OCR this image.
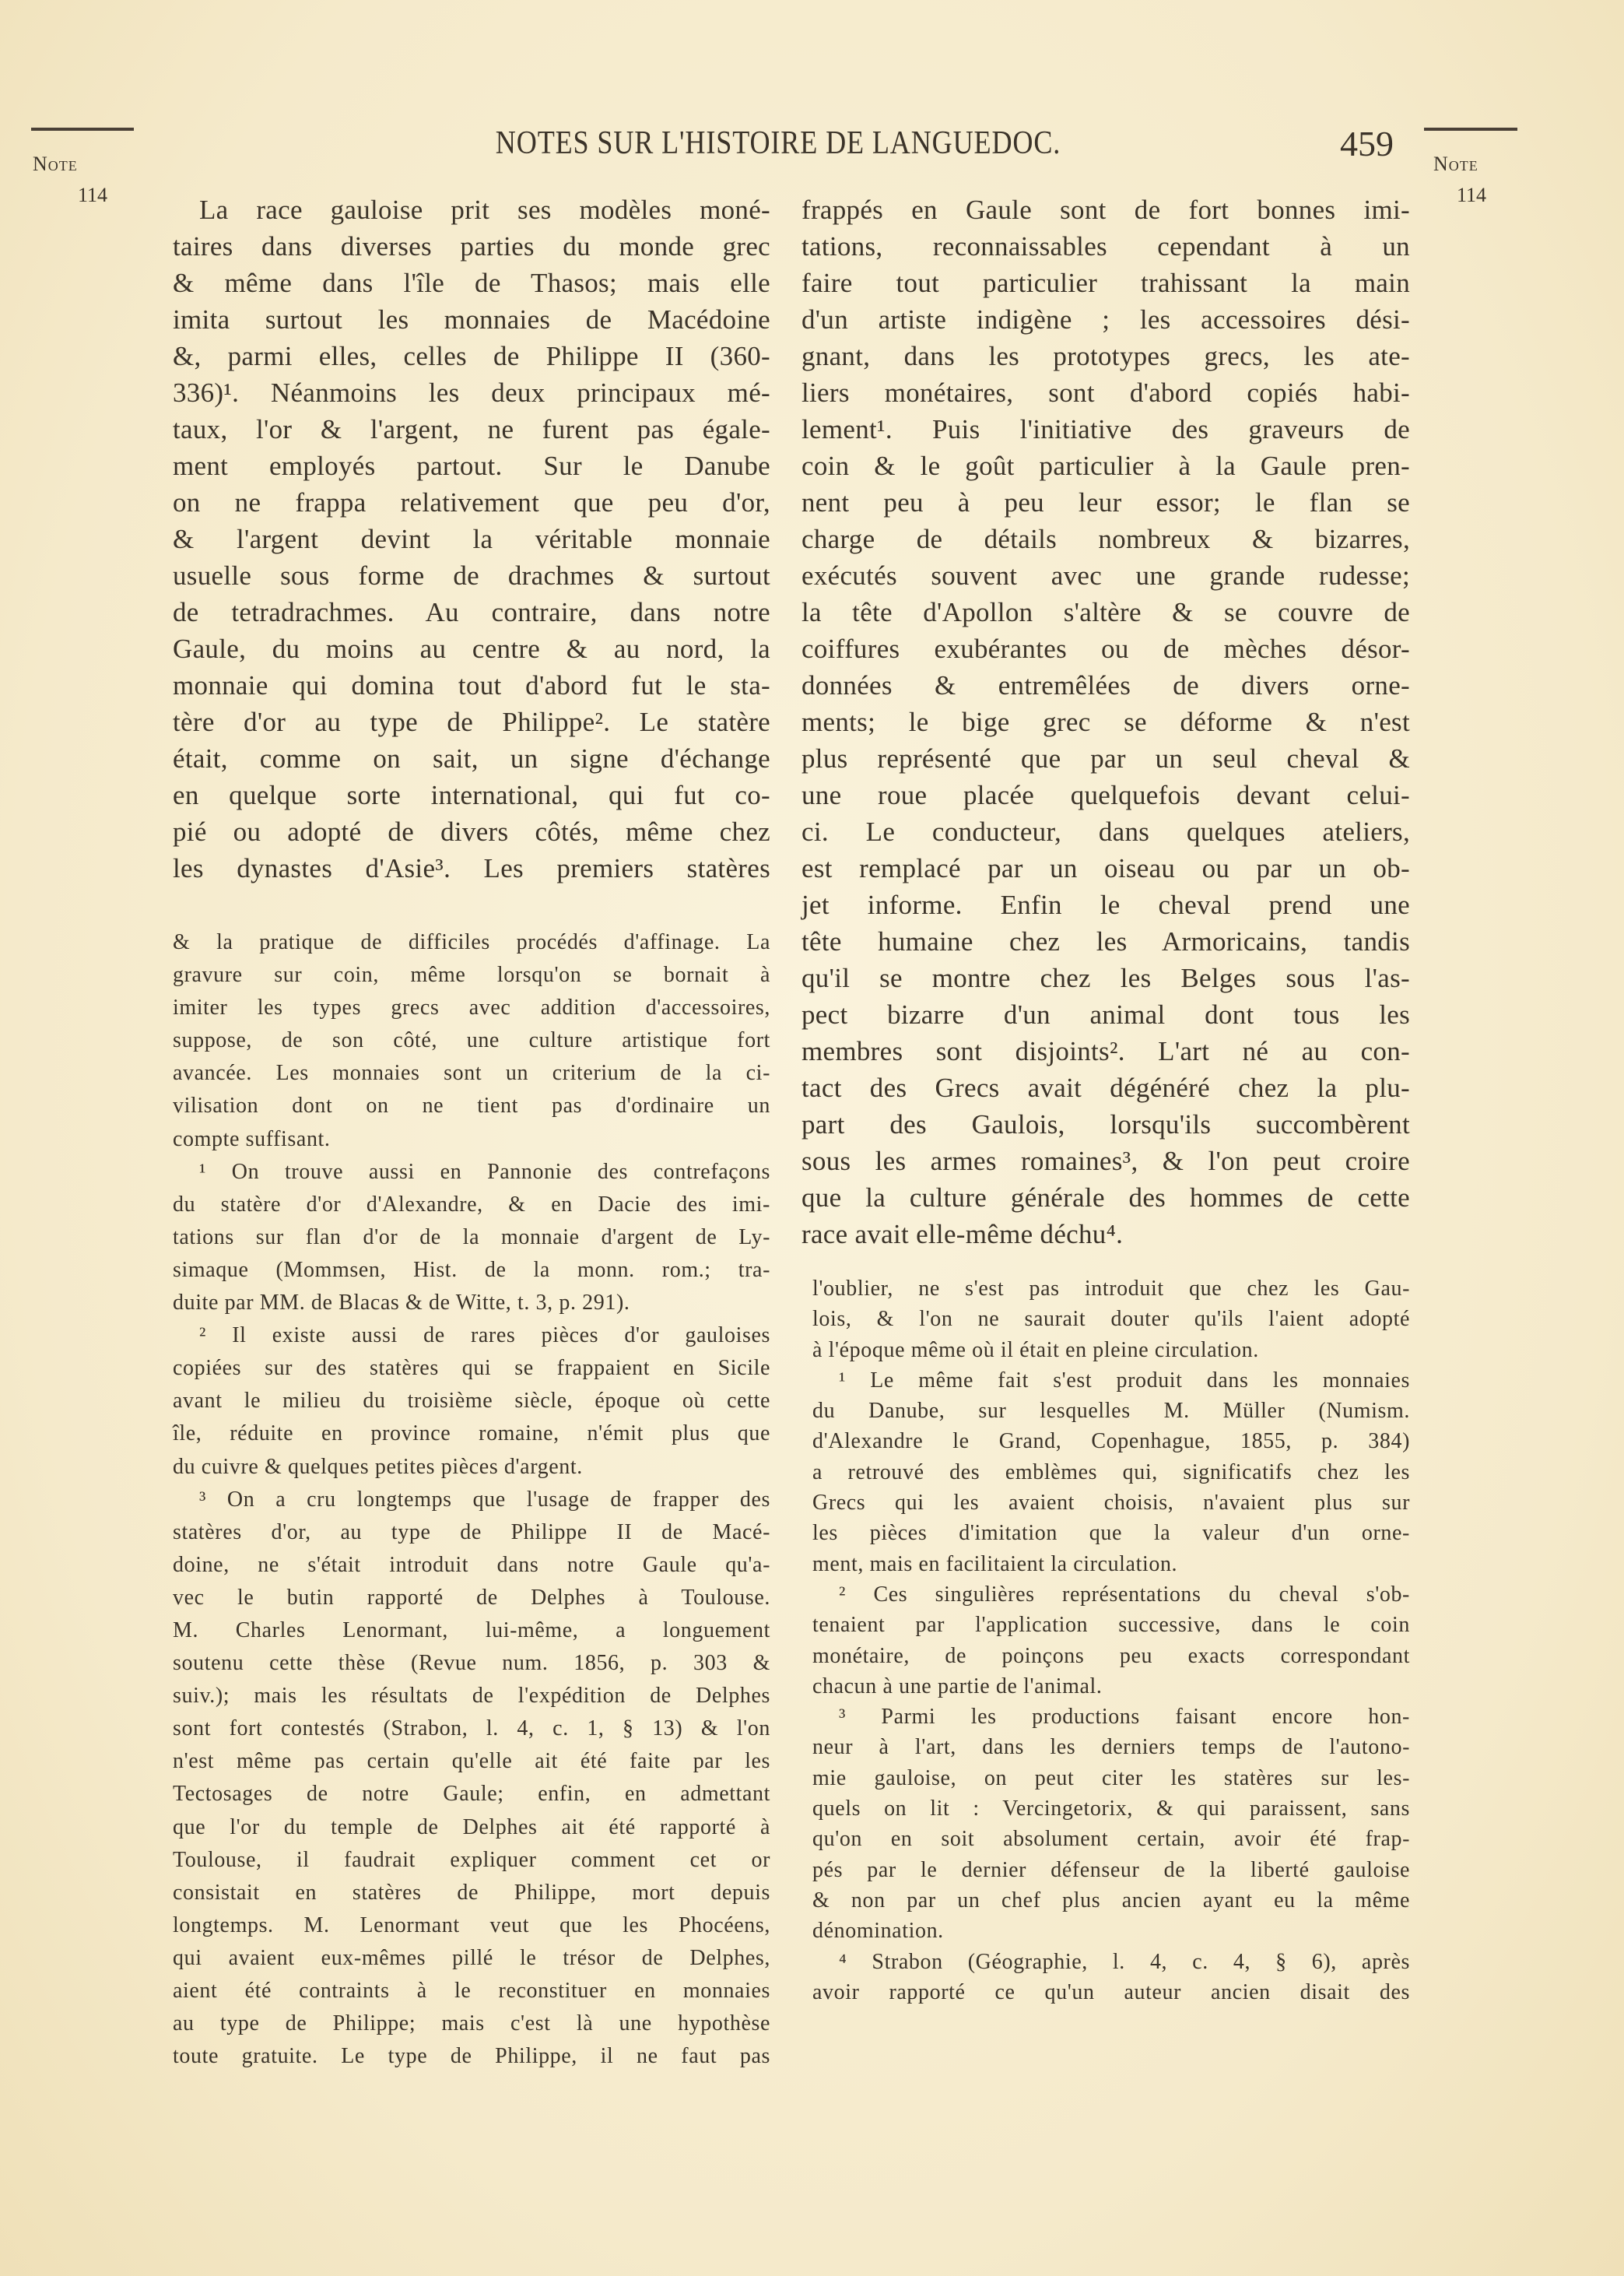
Note
114
Note
114
NOTES SUR L'HISTOIRE DE LANGUEDOC.	459
La race gauloise prit ses modèles moné-
taires dans diverses parties du monde grec
& même dans l'île de Thasos; mais elle
imita surtout les monnaies de Macédoine
&, parmi elles, celles de Philippe II (360-
336)¹. Néanmoins les deux principaux mé-
taux, l'or & l'argent, ne furent pas égale-
ment employés partout. Sur le Danube
on ne frappa relativement que peu d'or,
& l'argent devint la véritable monnaie
usuelle sous forme de drachmes & surtout
de tetradrachmes. Au contraire, dans notre
Gaule, du moins au centre & au nord, la
monnaie qui domina tout d'abord fut le sta-
tère d'or au type de Philippe². Le statère
était, comme on sait, un signe d'échange
en quelque sorte international, qui fut co-
pié ou adopté de divers côtés, même chez
les dynastes d'Asie³. Les premiers statères
frappés en Gaule sont de fort bonnes imi-
tations, reconnaissables cependant à un
faire tout particulier trahissant la main
d'un artiste indigène ; les accessoires dési-
gnant, dans les prototypes grecs, les ate-
liers monétaires, sont d'abord copiés habi-
lement¹. Puis l'initiative des graveurs de
coin & le goût particulier à la Gaule pren-
nent peu à peu leur essor; le flan se
charge de détails nombreux & bizarres,
exécutés souvent avec une grande rudesse;
la tête d'Apollon s'altère & se couvre de
coiffures exubérantes ou de mèches désor-
données & entremêlées de divers orne-
ments; le bige grec se déforme & n'est
plus représenté que par un seul cheval &
une roue placée quelquefois devant celui-
ci. Le conducteur, dans quelques ateliers,
est remplacé par un oiseau ou par un ob-
jet informe. Enfin le cheval prend une
tête humaine chez les Armoricains, tandis
qu'il se montre chez les Belges sous l'as-
pect bizarre d'un animal dont tous les
membres sont disjoints². L'art né au con-
tact des Grecs avait dégénéré chez la plu-
part des Gaulois, lorsqu'ils succombèrent
sous les armes romaines³, & l'on peut croire
que la culture générale des hommes de cette
race avait elle-même déchu⁴.
& la pratique de difficiles procédés d'affinage. La
gravure sur coin, même lorsqu'on se bornait à
imiter les types grecs avec addition d'accessoires,
suppose, de son côté, une culture artistique fort
avancée. Les monnaies sont un criterium de la ci-
vilisation dont on ne tient pas d'ordinaire un
compte suffisant.
¹ On trouve aussi en Pannonie des contrefaçons
du statère d'or d'Alexandre, & en Dacie des imi-
tations sur flan d'or de la monnaie d'argent de Ly-
simaque (Mommsen, Hist. de la monn. rom.; tra-
duite par MM. de Blacas & de Witte, t. 3, p. 291).
² Il existe aussi de rares pièces d'or gauloises
copiées sur des statères qui se frappaient en Sicile
avant le milieu du troisième siècle, époque où cette
île, réduite en province romaine, n'émit plus que
du cuivre & quelques petites pièces d'argent.
³ On a cru longtemps que l'usage de frapper des
statères d'or, au type de Philippe II de Macé-
doine, ne s'était introduit dans notre Gaule qu'a-
vec le butin rapporté de Delphes à Toulouse.
M. Charles Lenormant, lui-même, a longuement
soutenu cette thèse (Revue num. 1856, p. 303 &
suiv.); mais les résultats de l'expédition de Delphes
sont fort contestés (Strabon, l. 4, c. 1, § 13) & l'on
n'est même pas certain qu'elle ait été faite par les
Tectosages de notre Gaule; enfin, en admettant
que l'or du temple de Delphes ait été rapporté à
Toulouse, il faudrait expliquer comment cet or
consistait en statères de Philippe, mort depuis
longtemps. M. Lenormant veut que les Phocéens,
qui avaient eux-mêmes pillé le trésor de Delphes,
aient été contraints à le reconstituer en monnaies
au type de Philippe; mais c'est là une hypothèse
toute gratuite. Le type de Philippe, il ne faut pas
l'oublier, ne s'est pas introduit que chez les Gau-
lois, & l'on ne saurait douter qu'ils l'aient adopté
à l'époque même où il était en pleine circulation.
¹ Le même fait s'est produit dans les monnaies
du Danube, sur lesquelles M. Müller (Numism.
d'Alexandre le Grand, Copenhague, 1855, p. 384)
a retrouvé des emblèmes qui, significatifs chez les
Grecs qui les avaient choisis, n'avaient plus sur
les pièces d'imitation que la valeur d'un orne-
ment, mais en facilitaient la circulation.
² Ces singulières représentations du cheval s'ob-
tenaient par l'application successive, dans le coin
monétaire, de poinçons peu exacts correspondant
chacun à une partie de l'animal.
³ Parmi les productions faisant encore hon-
neur à l'art, dans les derniers temps de l'autono-
mie gauloise, on peut citer les statères sur les-
quels on lit : Vercingetorix, & qui paraissent, sans
qu'on en soit absolument certain, avoir été frap-
pés par le dernier défenseur de la liberté gauloise
& non par un chef plus ancien ayant eu la même
dénomination.
⁴ Strabon (Géographie, l. 4, c. 4, § 6), après
avoir rapporté ce qu'un auteur ancien disait des
